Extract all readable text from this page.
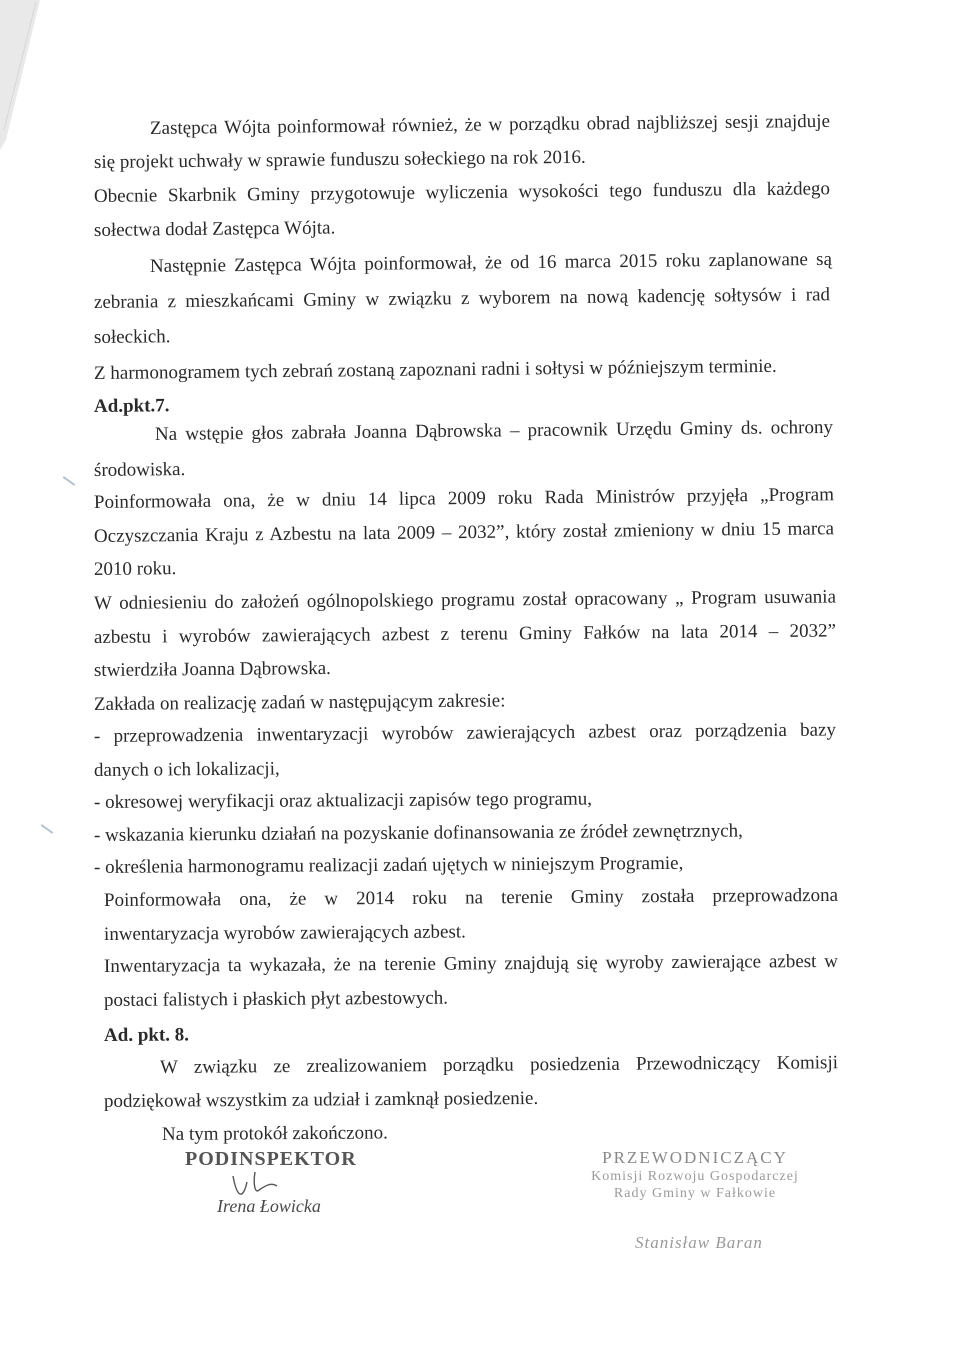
Zastępca Wójta poinformował również, że w porządku obrad najbliższej sesji znajduje
się projekt uchwały w sprawie funduszu sołeckiego na rok 2016.
Obecnie Skarbnik Gminy przygotowuje wyliczenia wysokości tego funduszu dla każdego
sołectwa dodał Zastępca Wójta.
Następnie Zastępca Wójta poinformował, że od 16 marca 2015 roku zaplanowane są
zebrania z mieszkańcami Gminy w związku z wyborem na nową kadencję sołtysów i rad
sołeckich.
Z harmonogramem tych zebrań zostaną zapoznani radni i sołtysi w późniejszym terminie.
Ad.pkt.7.
Na wstępie głos zabrała Joanna Dąbrowska – pracownik Urzędu Gminy ds. ochrony
środowiska.
Poinformowała ona, że w dniu 14 lipca 2009 roku Rada Ministrów przyjęła „Program
Oczyszczania Kraju z Azbestu na lata 2009 – 2032”, który został zmieniony w dniu 15 marca
2010 roku.
W odniesieniu do założeń ogólnopolskiego programu został opracowany „ Program usuwania
azbestu i wyrobów zawierających azbest z terenu Gminy Fałków na lata 2014 – 2032”
stwierdziła Joanna Dąbrowska.
Zakłada on realizację zadań w następującym zakresie:
- przeprowadzenia inwentaryzacji wyrobów zawierających azbest oraz porządzenia bazy
danych o ich lokalizacji,
- okresowej weryfikacji oraz aktualizacji zapisów tego programu,
- wskazania kierunku działań na pozyskanie dofinansowania ze źródeł zewnętrznych,
- określenia harmonogramu realizacji zadań ujętych w niniejszym Programie,
Poinformowała ona, że w 2014 roku na terenie Gminy została przeprowadzona
inwentaryzacja wyrobów zawierających azbest.
Inwentaryzacja ta wykazała, że na terenie Gminy znajdują się wyroby zawierające azbest w
postaci falistych i płaskich płyt azbestowych.
Ad. pkt. 8.
W związku ze zrealizowaniem porządku posiedzenia Przewodniczący Komisji
podziękował wszystkim za udział i zamknął posiedzenie.
Na tym protokół zakończono.
PODINSPEKTOR
Irena Łowicka
PRZEWODNICZĄCY
Komisji Rozwoju Gospodarczej
Rady Gminy w Fałkowie
Stanisław Baran
